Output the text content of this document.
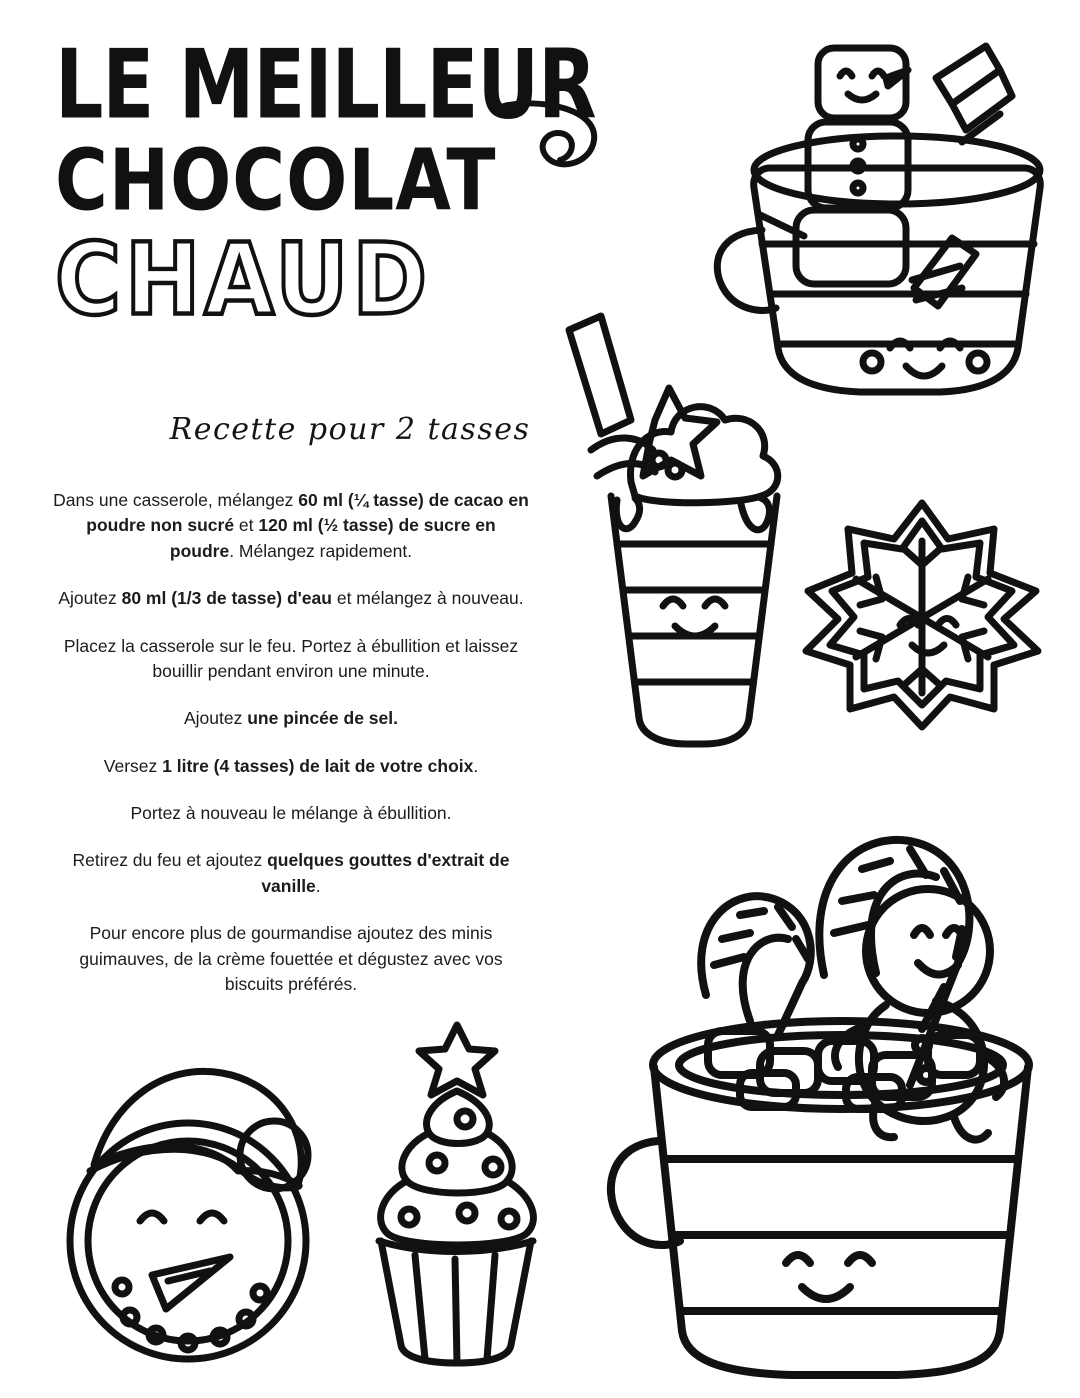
LE MEILLEUR
CHOCOLAT
CHAUD
Recette pour 2 tasses

Dans une casserole, mélangez 60 ml (¼ tasse) de cacao en poudre non sucré et 120 ml (½ tasse) de sucre en poudre. Mélangez rapidement.

Ajoutez 80 ml (1/3 de tasse) d'eau et mélangez à nouveau.

Placez la casserole sur le feu. Portez à ébullition et laissez bouillir pendant environ une minute.

Ajoutez une pincée de sel.

Versez 1 litre (4 tasses) de lait de votre choix.

Portez à nouveau le mélange à ébullition.

Retirez du feu et ajoutez quelques gouttes d'extrait de vanille.

Pour encore plus de gourmandise ajoutez des minis guimauves, de la crème fouettée et dégustez avec vos biscuits préférés.
